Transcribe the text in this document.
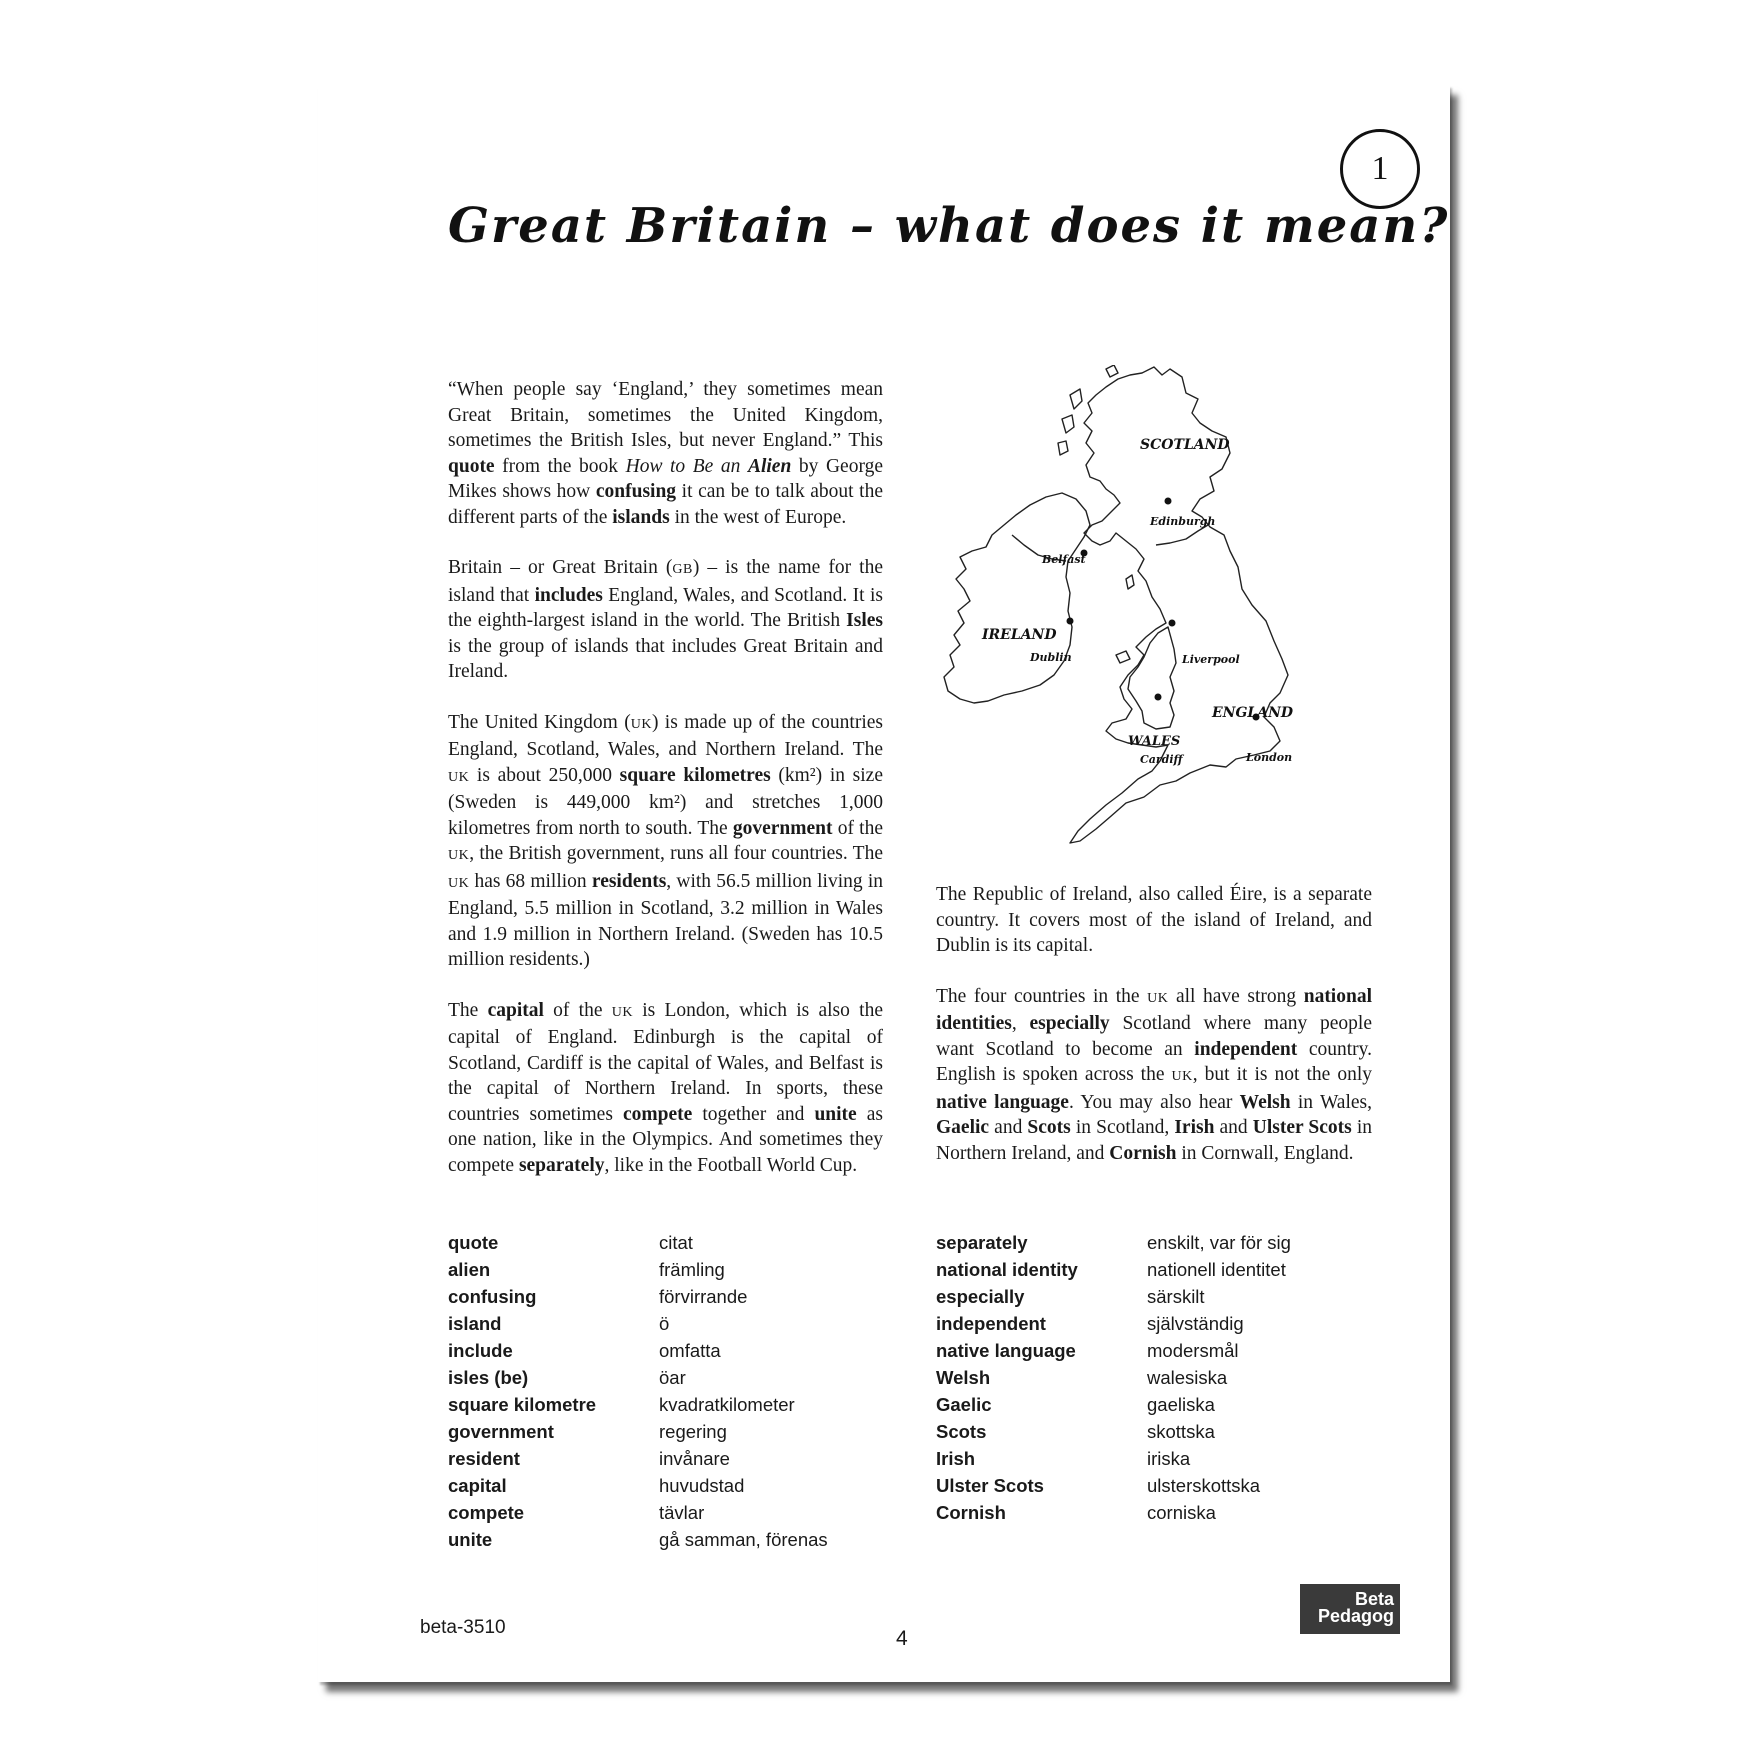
1
Great Britain – what does it mean?

“When people say ‘England,’ they sometimes mean Great Britain, sometimes the United Kingdom, sometimes the British Isles, but never England.” This quote from the book How to Be an Alien by George Mikes shows how confusing it can be to talk about the different parts of the islands in the west of Europe.

Britain – or Great Britain (GB) – is the name for the island that includes England, Wales, and Scotland. It is the eighth-largest island in the world. The British Isles is the group of islands that includes Great Britain and Ireland.

The United Kingdom (UK) is made up of the countries England, Scotland, Wales, and Northern Ireland. The UK is about 250,000 square kilometres (km²) in size (Sweden is 449,000 km²) and stretches 1,000 kilometres from north to south. The government of the UK, the British government, runs all four countries. The UK has 68 million residents, with 56.5 million living in England, 5.5 million in Scotland, 3.2 million in Wales and 1.9 million in Northern Ireland. (Sweden has 10.5 million residents.)

The capital of the UK is London, which is also the capital of England. Edinburgh is the capital of Scotland, Cardiff is the capital of Wales, and Belfast is the capital of Northern Ireland. In sports, these countries sometimes compete together and unite as one nation, like in the Olympics. And sometimes they compete separately, like in the Football World Cup.

SCOTLAND
Edinburgh
Belfast
IRELAND
Dublin	Liverpool
ENGLAND
WALES
Cardiff	London

The Republic of Ireland, also called Éire, is a separate country. It covers most of the island of Ireland, and Dublin is its capital.

The four countries in the UK all have strong national identities, especially Scotland where many people want Scotland to become an independent country. English is spoken across the UK, but it is not the only native language. You may also hear Welsh in Wales, Gaelic and Scots in Scotland, Irish and Ulster Scots in Northern Ireland, and Cornish in Cornwall, England.

quote	citat
alien	främling
confusing	förvirrande
island	ö
include	omfatta
isles (be)	öar
square kilometre	kvadratkilometer
government	regering
resident	invånare
capital	huvudstad
compete	tävlar
unite	gå samman, förenas
separately	enskilt, var för sig
national identity	nationell identitet
especially	särskilt
independent	självständig
native language	modersmål
Welsh	walesiska
Gaelic	gaeliska
Scots	skottska
Irish	iriska
Ulster Scots	ulsterskottska
Cornish	corniska
beta-3510	4
Beta
Pedagog
